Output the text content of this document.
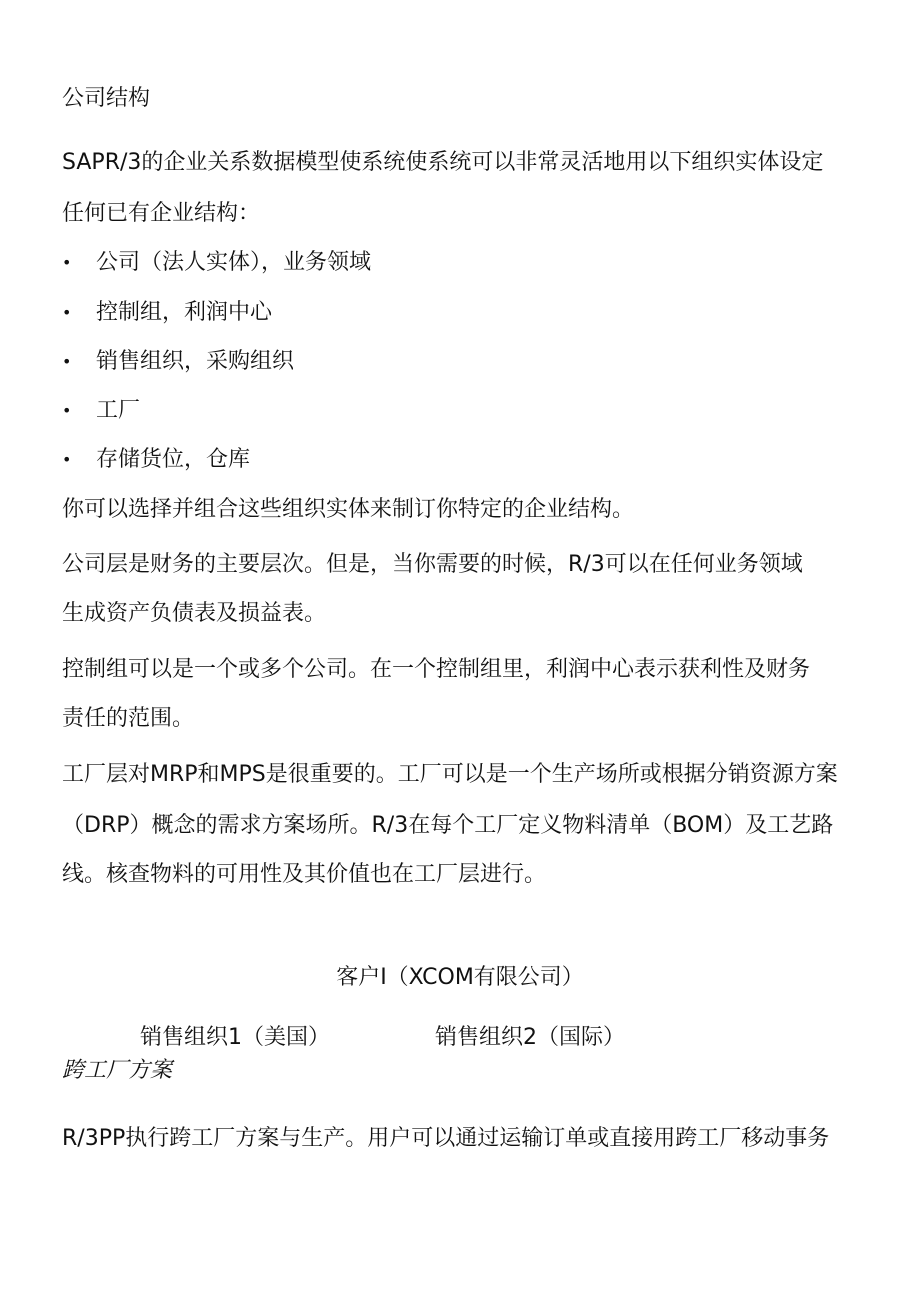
公司结构
SAPR/3的企业关系数据模型使系统使系统可以非常灵活地用以下组织实体设定
任何已有企业结构：
• 公司（法人实体），业务领域
• 控制组，利润中心
• 销售组织，采购组织
• 工厂
• 存储货位，仓库
你可以选择并组合这些组织实体来制订你特定的企业结构。
公司层是财务的主要层次。但是，当你需要的时候，R/3可以在任何业务领域
生成资产负债表及损益表。
控制组可以是一个或多个公司。在一个控制组里，利润中心表示获利性及财务
责任的范围。
工厂层对MRP和MPS是很重要的。工厂可以是一个生产场所或根据分销资源方案
（DRP）概念的需求方案场所。R/3在每个工厂定义物料清单（BOM）及工艺路
线。核查物料的可用性及其价值也在工厂层进行。
客户I（XCOM有限公司）
销售组织1（美国）	销售组织2（国际）
跨工厂方案
R/3PP执行跨工厂方案与生产。用户可以通过运输订单或直接用跨工厂移动事务
